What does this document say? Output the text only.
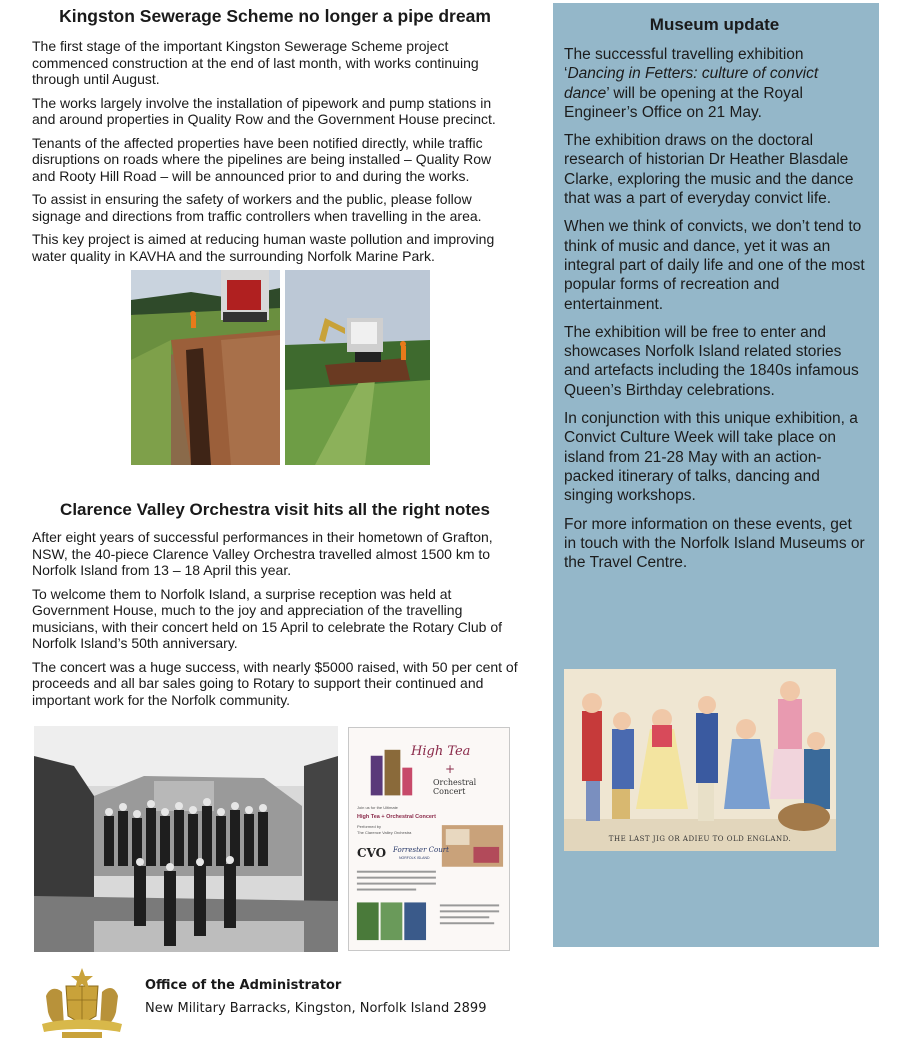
Kingston Sewerage Scheme no longer a pipe dream

The first stage of the important Kingston Sewerage Scheme project commenced construction at the end of last month, with works continuing through until August.

The works largely involve the installation of pipework and pump stations in and around properties in Quality Row and the Government House precinct.

Tenants of the affected properties have been notified directly, while traffic disruptions on roads where the pipelines are being installed – Quality Row and Rooty Hill Road – will be announced prior to and during the works.

To assist in ensuring the safety of workers and the public, please follow signage and directions from traffic controllers when travelling in the area.

This key project is aimed at reducing human waste pollution and improving water quality in KAVHA and the surrounding Norfolk Marine Park.

Clarence Valley Orchestra visit hits all the right notes

After eight years of successful performances in their hometown of Grafton, NSW, the 40-piece Clarence Valley Orchestra travelled almost 1500 km to Norfolk Island from 13 – 18 April this year.

To welcome them to Norfolk Island, a surprise reception was held at Government House, much to the joy and appreciation of the travelling musicians, with their concert held on 15 April to celebrate the Rotary Club of Norfolk Island’s 50th anniversary.

The concert was a huge success, with nearly $5000 raised, with 50 per cent of proceeds and all bar sales going to Rotary to support their continued and important work for the Norfolk community.

High Tea
+
Orchestral Concert
Join us for the Ultimate
High Tea + Orchestral Concert
Performed by
The Clarence Valley Orchestra
CVO Forrester Court
NORFOLK ISLAND
Museum update

The successful travelling exhibition ‘Dancing in Fetters: culture of convict dance’ will be opening at the Royal Engineer’s Office on 21 May.

The exhibition draws on the doctoral research of historian Dr Heather Blasdale Clarke, exploring the music and the dance that was a part of everyday convict life.

When we think of convicts, we don’t tend to think of music and dance, yet it was an integral part of daily life and one of the most popular forms of recreation and entertainment.

The exhibition will be free to enter and showcases Norfolk Island related stories and artefacts including the 1840s infamous Queen’s Birthday celebrations.

In conjunction with this unique exhibition, a Convict Culture Week will take place on island from 21-28 May with an action-packed itinerary of talks, dancing and singing workshops.

For more information on these events, get in touch with the Norfolk Island Museums or the Travel Centre.

THE LAST JIG OR ADIEU TO OLD ENGLAND.
Office of the Administrator
New Military Barracks, Kingston, Norfolk Island 2899
